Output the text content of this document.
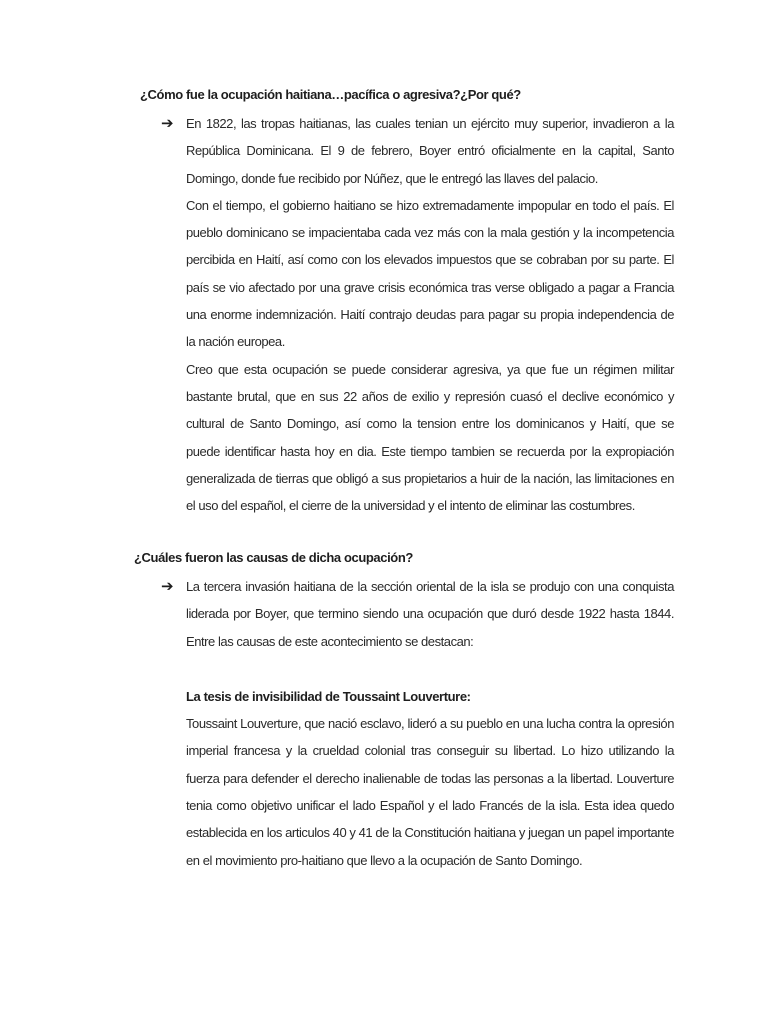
¿Cómo fue la ocupación haitiana…pacífica o agresiva?¿Por qué?

➔ En 1822, las tropas haitianas, las cuales tenian un ejército muy superior, invadieron a la República Dominicana. El 9 de febrero, Boyer entró oficialmente en la capital, Santo Domingo, donde fue recibido por Núñez, que le entregó las llaves del palacio.

Con el tiempo, el gobierno haitiano se hizo extremadamente impopular en todo el país. El pueblo dominicano se impacientaba cada vez más con la mala gestión y la incompetencia percibida en Haití, así como con los elevados impuestos que se cobraban por su parte. El país se vio afectado por una grave crisis económica tras verse obligado a pagar a Francia una enorme indemnización. Haití contrajo deudas para pagar su propia independencia de la nación europea.

Creo que esta ocupación se puede considerar agresiva, ya que fue un régimen militar bastante brutal, que en sus 22 años de exilio y represión cuasó el declive económico y cultural de Santo Domingo, así como la tension entre los dominicanos y Haití, que se puede identificar hasta hoy en dia. Este tiempo tambien se recuerda por la expropiación generalizada de tierras que obligó a sus propietarios a huir de la nación, las limitaciones en el uso del español, el cierre de la universidad y el intento de eliminar las costumbres.

¿Cuáles fueron las causas de dicha ocupación?

➔ La tercera invasión haitiana de la sección oriental de la isla se produjo con una conquista liderada por Boyer, que termino siendo una ocupación que duró desde 1922 hasta 1844. Entre las causas de este acontecimiento se destacan:

La tesis de invisibilidad de Toussaint Louverture:

Toussaint Louverture, que nació esclavo, lideró a su pueblo en una lucha contra la opresión imperial francesa y la crueldad colonial tras conseguir su libertad. Lo hizo utilizando la fuerza para defender el derecho inalienable de todas las personas a la libertad. Louverture tenia como objetivo unificar el lado Español y el lado Francés de la isla. Esta idea quedo establecida en los articulos 40 y 41 de la Constitución haitiana y juegan un papel importante en el movimiento pro-haitiano que llevo a la ocupación de Santo Domingo.
